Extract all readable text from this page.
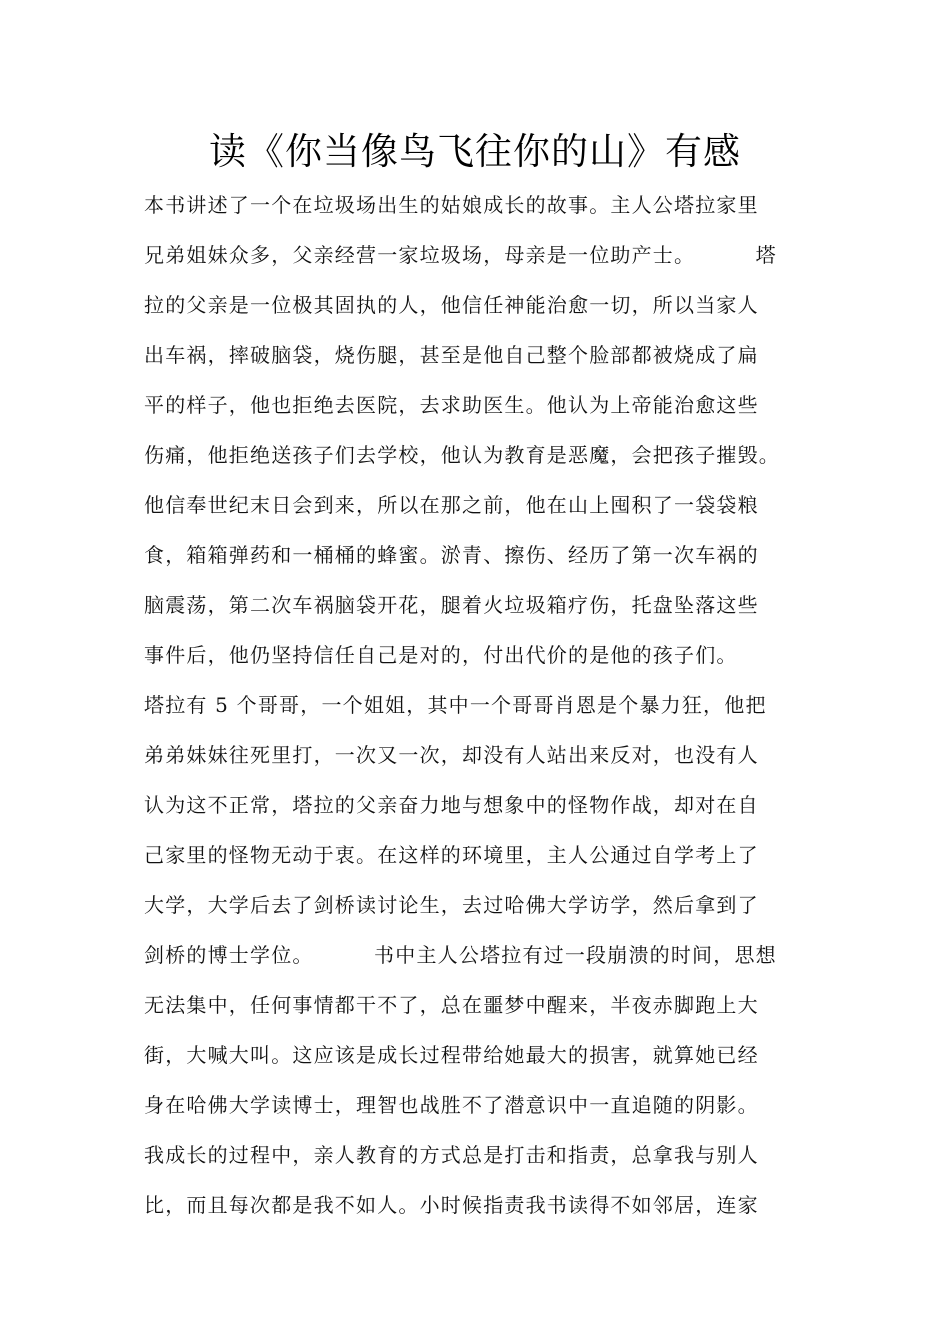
读《你当像鸟飞往你的山》有感
本书讲述了一个在垃圾场出生的姑娘成长的故事。主人公塔拉家里
兄弟姐妹众多，父亲经营一家垃圾场，母亲是一位助产士。        塔
拉的父亲是一位极其固执的人，他信任神能治愈一切，所以当家人
出车祸，摔破脑袋，烧伤腿，甚至是他自己整个脸部都被烧成了扁
平的样子，他也拒绝去医院，去求助医生。他认为上帝能治愈这些
伤痛，他拒绝送孩子们去学校，他认为教育是恶魔，会把孩子摧毁。
他信奉世纪末日会到来，所以在那之前，他在山上囤积了一袋袋粮
食，箱箱弹药和一桶桶的蜂蜜。淤青、擦伤、经历了第一次车祸的
脑震荡，第二次车祸脑袋开花，腿着火垃圾箱疗伤，托盘坠落这些
事件后，他仍坚持信任自己是对的，付出代价的是他的孩子们。
塔拉有 5 个哥哥，一个姐姐，其中一个哥哥肖恩是个暴力狂，他把
弟弟妹妹往死里打，一次又一次，却没有人站出来反对，也没有人
认为这不正常，塔拉的父亲奋力地与想象中的怪物作战，却对在自
己家里的怪物无动于衷。在这样的环境里，主人公通过自学考上了
大学，大学后去了剑桥读讨论生，去过哈佛大学访学，然后拿到了
剑桥的博士学位。        书中主人公塔拉有过一段崩溃的时间，思想
无法集中，任何事情都干不了，总在噩梦中醒来，半夜赤脚跑上大
街，大喊大叫。这应该是成长过程带给她最大的损害，就算她已经
身在哈佛大学读博士，理智也战胜不了潜意识中一直追随的阴影。
我成长的过程中，亲人教育的方式总是打击和指责，总拿我与别人
比，而且每次都是我不如人。小时候指责我书读得不如邻居，连家
